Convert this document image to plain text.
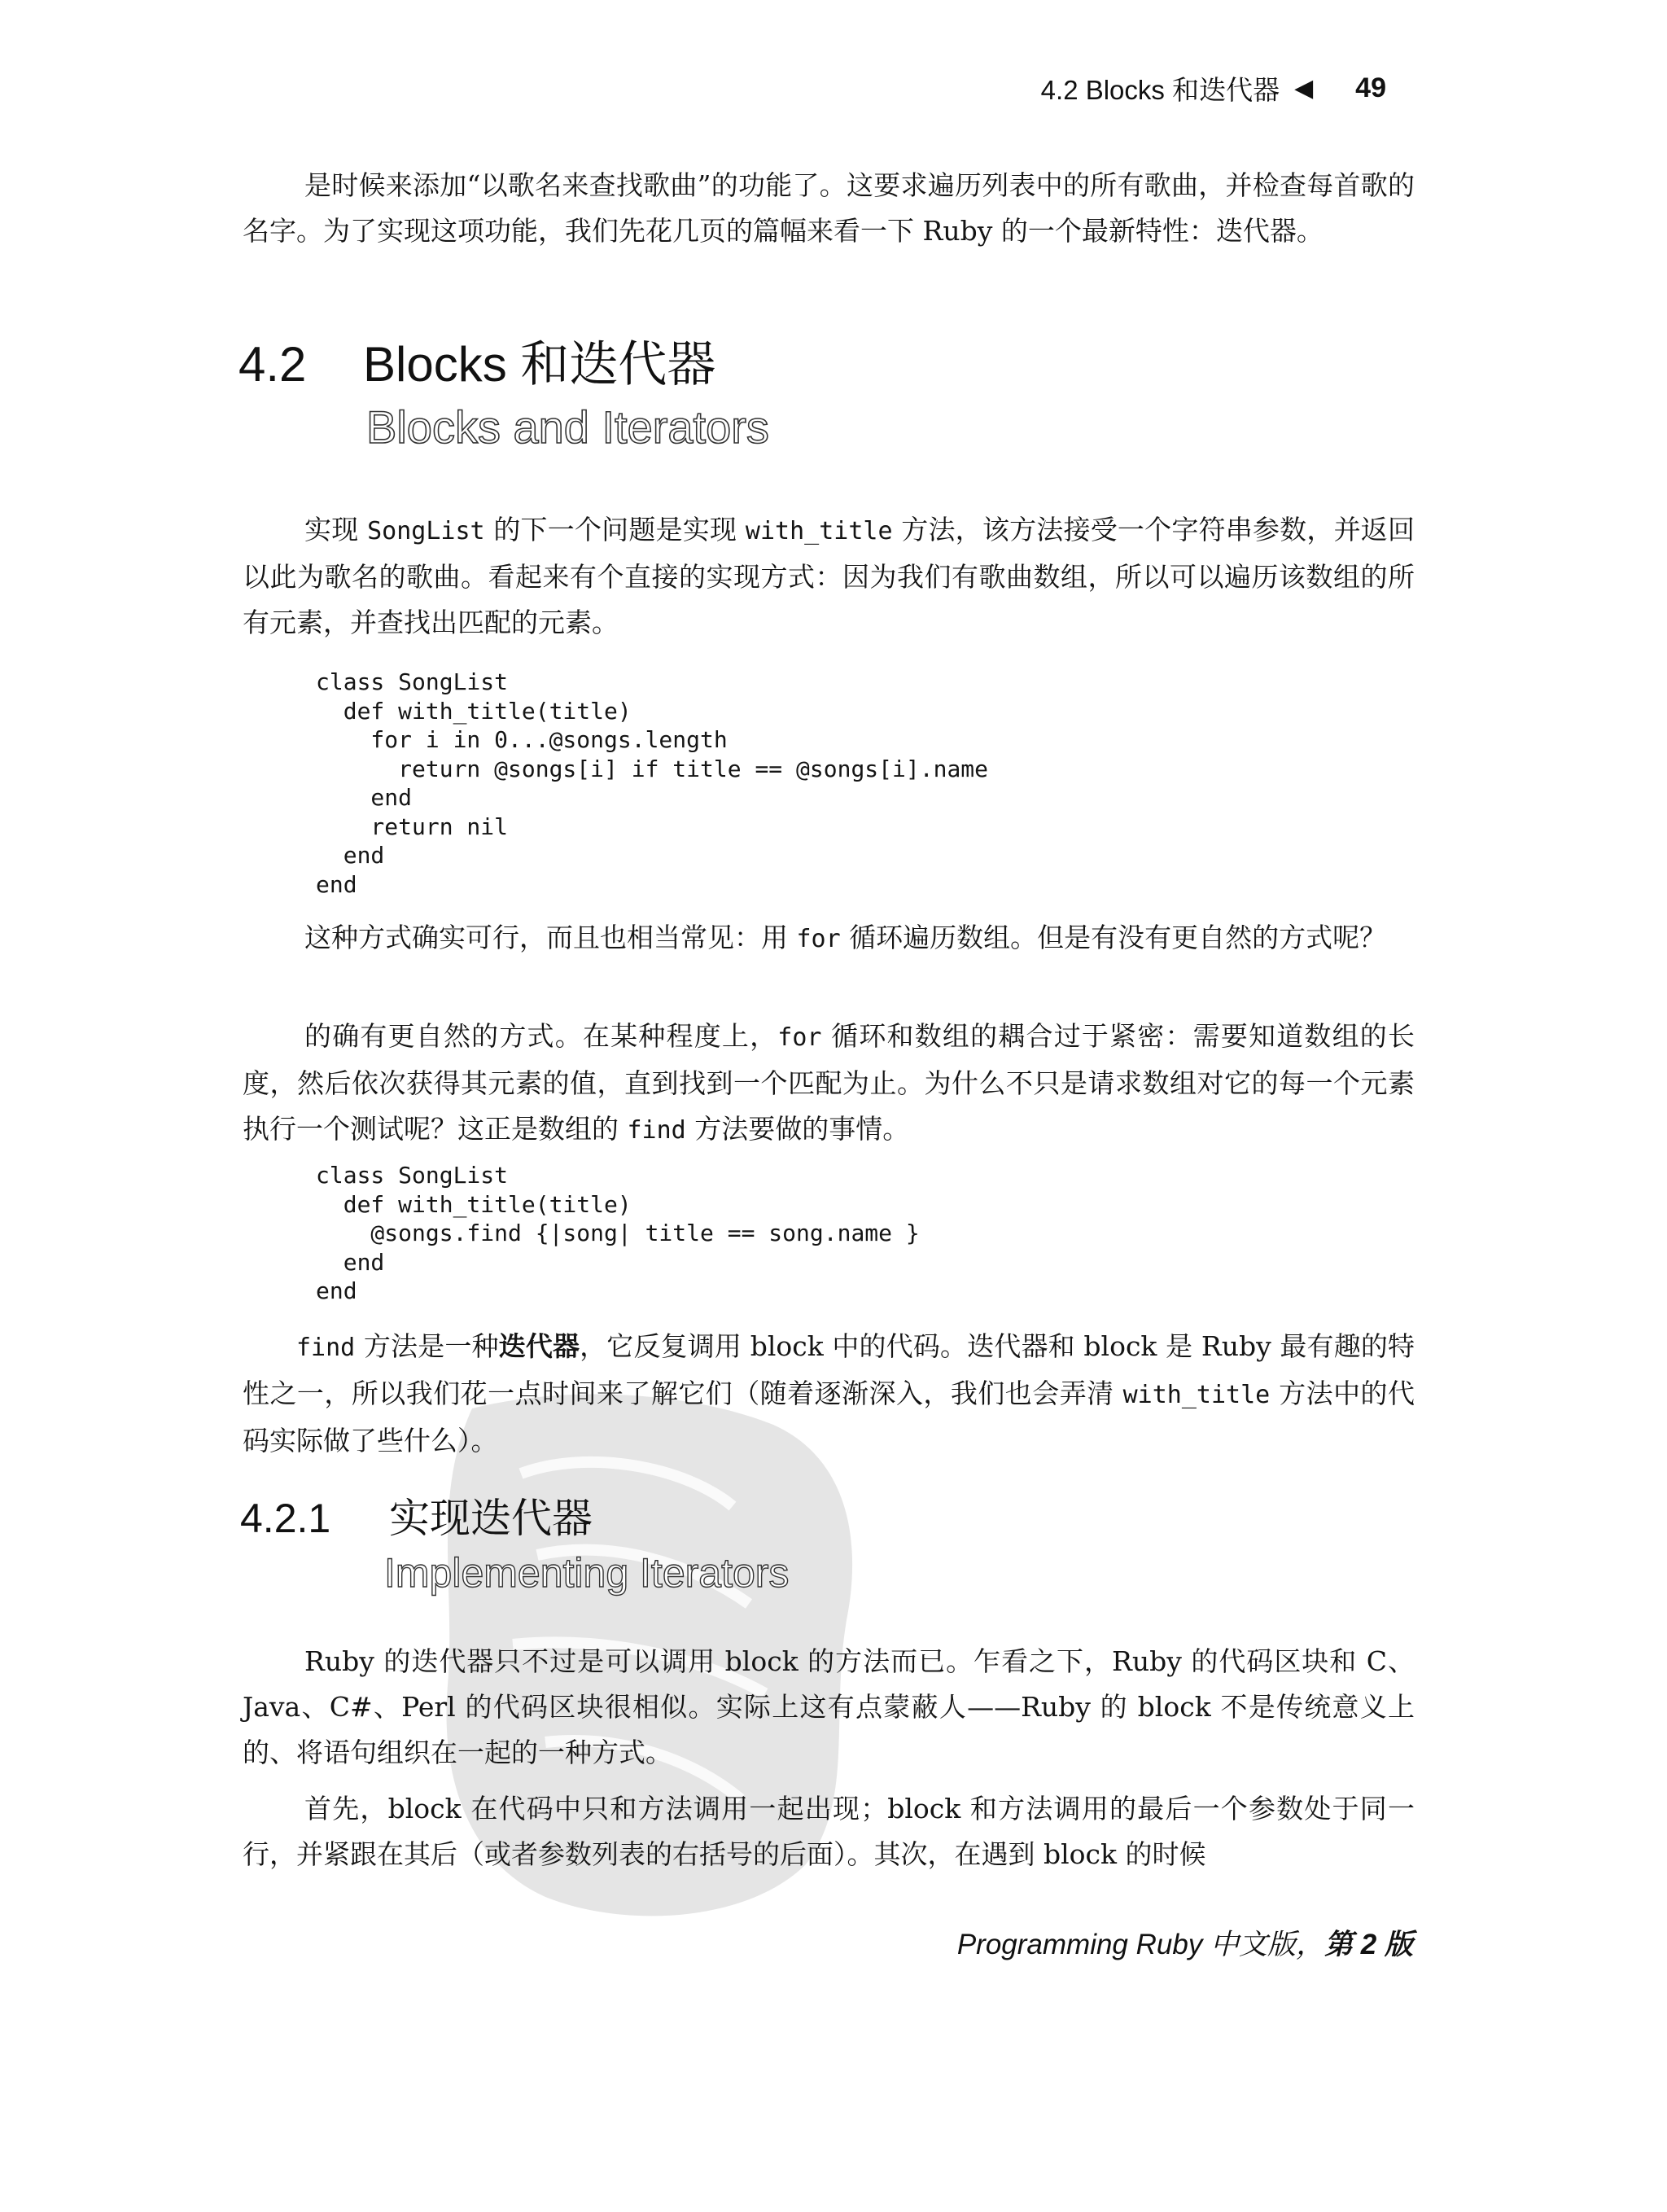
4.2 Blocks 和迭代器 ◀ 49
是时候来添加“以歌名来查找歌曲”的功能了。这要求遍历列表中的所有歌曲，并检查每首歌的名字。为了实现这项功能，我们先花几页的篇幅来看一下 Ruby 的一个最新特性：迭代器。
4.2 Blocks 和迭代器
Blocks and Iterators
实现 SongList 的下一个问题是实现 with_title 方法，该方法接受一个字符串参数，并返回以此为歌名的歌曲。看起来有个直接的实现方式：因为我们有歌曲数组，所以可以遍历该数组的所有元素，并查找出匹配的元素。
class SongList
def with_title(title)
for i in 0...@songs.length
return @songs[i] if title == @songs[i].name
end
return nil
end
end
这种方式确实可行，而且也相当常见：用 for 循环遍历数组。但是有没有更自然的方式呢？
的确有更自然的方式。在某种程度上，for 循环和数组的耦合过于紧密：需要知道数组的长度，然后依次获得其元素的值，直到找到一个匹配为止。为什么不只是请求数组对它的每一个元素执行一个测试呢？这正是数组的 find 方法要做的事情。
class SongList
def with_title(title)
@songs.find {|song| title == song.name }
end
end
find 方法是一种迭代器，它反复调用 block 中的代码。迭代器和 block 是 Ruby 最有趣的特性之一，所以我们花一点时间来了解它们（随着逐渐深入，我们也会弄清 with_title 方法中的代码实际做了些什么）。
4.2.1 实现迭代器
Implementing Iterators
Ruby 的迭代器只不过是可以调用 block 的方法而已。乍看之下，Ruby 的代码区块和 C、Java、C#、Perl 的代码区块很相似。实际上这有点蒙蔽人——Ruby 的 block 不是传统意义上的、将语句组织在一起的一种方式。
首先，block 在代码中只和方法调用一起出现；block 和方法调用的最后一个参数处于同一行，并紧跟在其后（或者参数列表的右括号的后面）。其次，在遇到 block 的时候
Programming Ruby 中文版，第 2 版
